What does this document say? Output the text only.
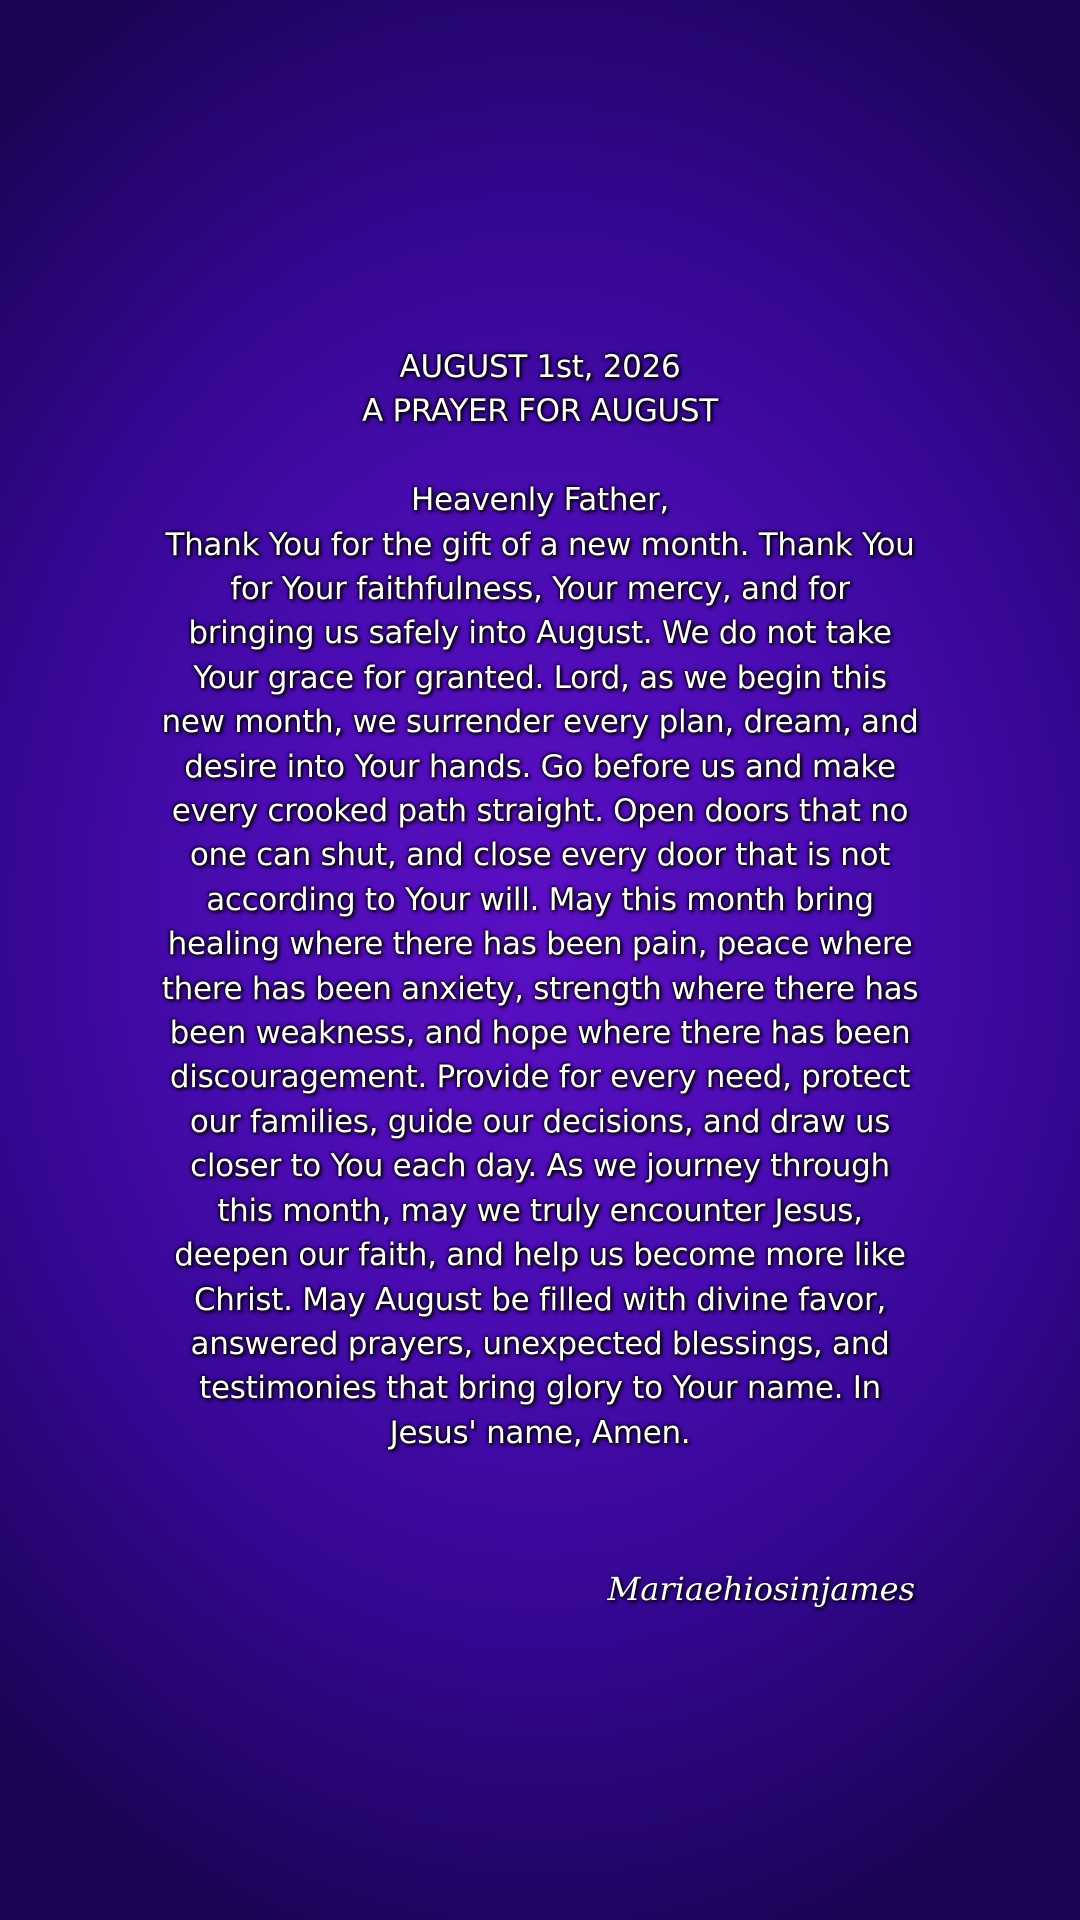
AUGUST 1st, 2026
A PRAYER FOR AUGUST
Heavenly Father,
Thank You for the gift of a new month. Thank You
for Your faithfulness, Your mercy, and for
bringing us safely into August. We do not take
Your grace for granted. Lord, as we begin this
new month, we surrender every plan, dream, and
desire into Your hands. Go before us and make
every crooked path straight. Open doors that no
one can shut, and close every door that is not
according to Your will. May this month bring
healing where there has been pain, peace where
there has been anxiety, strength where there has
been weakness, and hope where there has been
discouragement. Provide for every need, protect
our families, guide our decisions, and draw us
closer to You each day. As we journey through
this month, may we truly encounter Jesus,
deepen our faith, and help us become more like
Christ. May August be filled with divine favor,
answered prayers, unexpected blessings, and
testimonies that bring glory to Your name. In
Jesus' name, Amen.
Mariaehiosinjames
